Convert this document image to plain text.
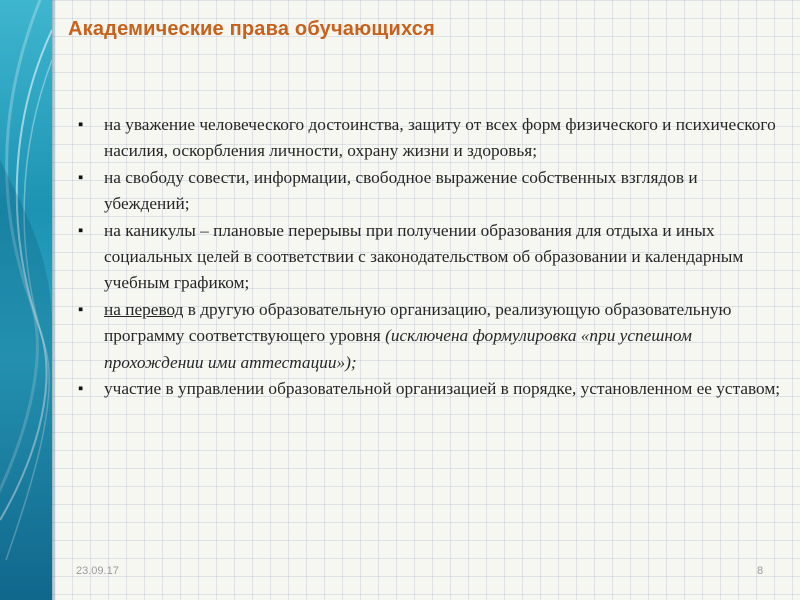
Академические права обучающихся

▪ на уважение человеческого достоинства, защиту от всех форм физического и психического насилия, оскорбления личности, охрану жизни и здоровья;

▪ на свободу совести, информации, свободное выражение собственных взглядов и убеждений;

▪ на каникулы – плановые перерывы при получении образования для отдыха и иных социальных целей в соответствии с законодательством об образовании и календарным учебным графиком;

▪ на перевод в другую образовательную организацию, реализующую образовательную программу соответствующего уровня (исключена формулировка «при успешном прохождении ими аттестации»);

▪ участие в управлении образовательной организацией в порядке, установленном ее уставом;

23.09.17	8
